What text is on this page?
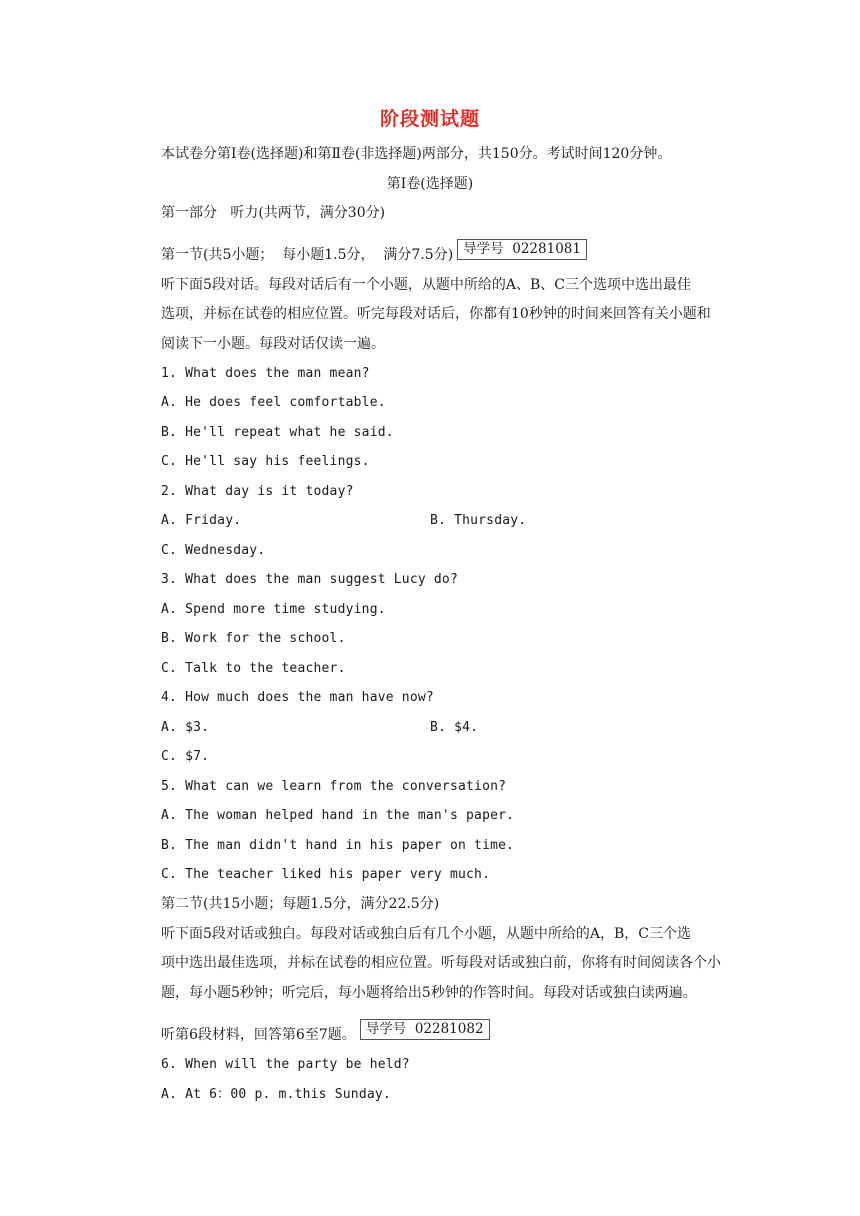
阶段测试题
本试卷分第Ⅰ卷(选择题)和第Ⅱ卷(非选择题)两部分，共150分。考试时间120分钟。
第Ⅰ卷(选择题)
第一部分   听力(共两节，满分30分)
第一节(共5小题；  每小题1.5分，  满分7.5分) 导学号  02281081
听下面5段对话。每段对话后有一个小题，从题中所给的A、B、C三个选项中选出最佳
选项，并标在试卷的相应位置。听完每段对话后，你都有10秒钟的时间来回答有关小题和
阅读下一小题。每段对话仅读一遍。
1. What does the man mean?
A. He does feel comfortable.
B. He'll repeat what he said.
C. He'll say his feelings.
2. What day is it today?
A. Friday.	B. Thursday.
C. Wednesday.
3. What does the man suggest Lucy do?
A. Spend more time studying.
B. Work for the school.
C. Talk to the teacher.
4. How much does the man have now?
A. $3.	B. $4.
C. $7.
5. What can we learn from the conversation?
A. The woman helped hand in the man's paper.
B. The man didn't hand in his paper on time.
C. The teacher liked his paper very much.
第二节(共15小题；每题1.5分，满分22.5分)
听下面5段对话或独白。每段对话或独白后有几个小题，从题中所给的A，B，C三个选
项中选出最佳选项，并标在试卷的相应位置。听每段对话或独白前，你将有时间阅读各个小
题，每小题5秒钟；听完后，每小题将给出5秒钟的作答时间。每段对话或独白读两遍。
听第6段材料，回答第6至7题。 导学号  02281082
6. When will the party be held?
A. At 6：00 p. m.this Sunday.
